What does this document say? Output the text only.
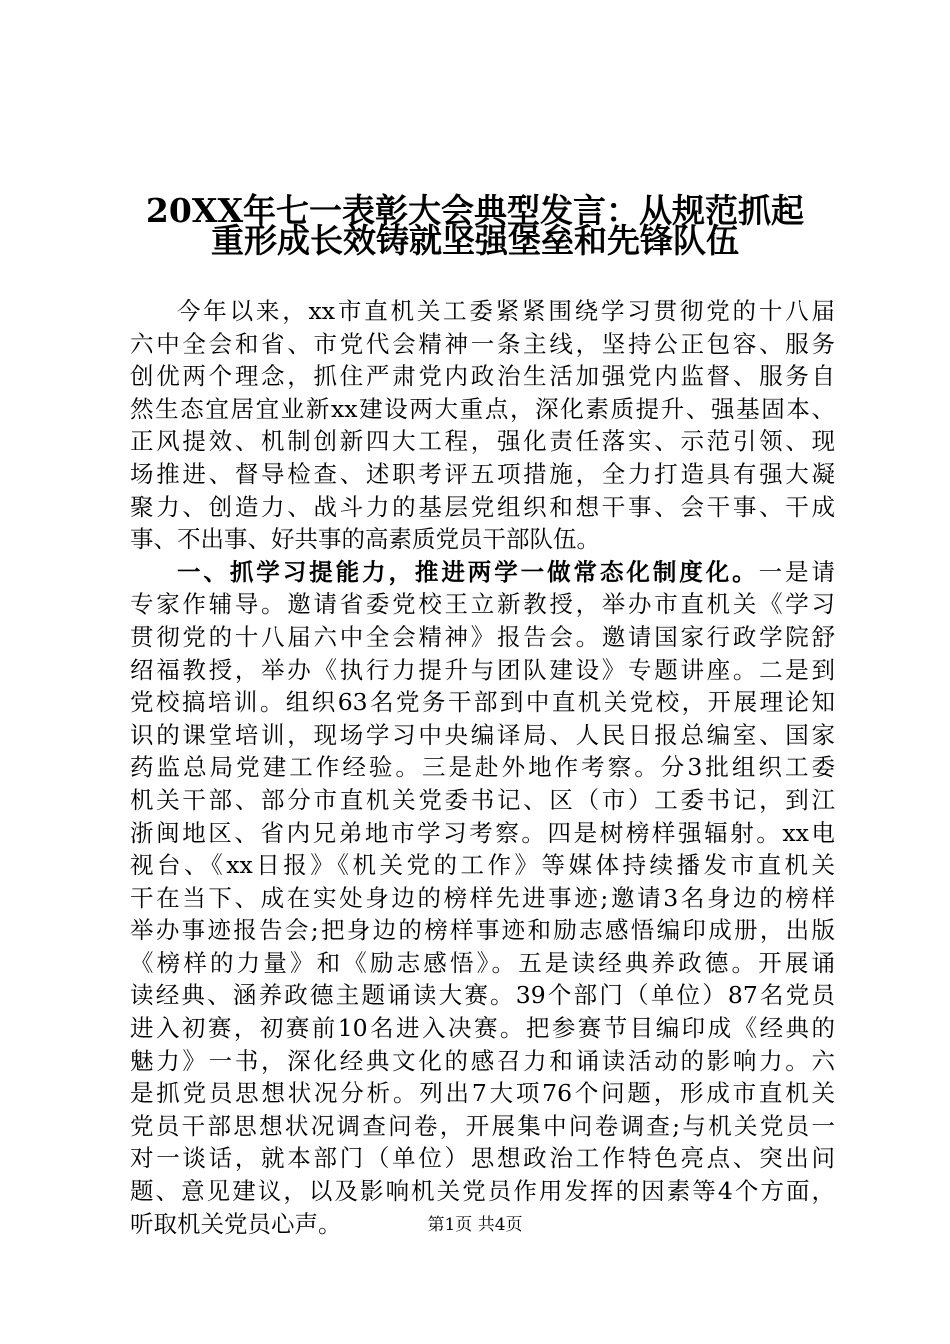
20XX年七一表彰大会典型发言：从规范抓起
重形成长效铸就坚强堡垒和先锋队伍
今年以来，xx市直机关工委紧紧围绕学习贯彻党的十八届
六中全会和省、市党代会精神一条主线，坚持公正包容、服务
创优两个理念，抓住严肃党内政治生活加强党内监督、服务自
然生态宜居宜业新xx建设两大重点，深化素质提升、强基固本、
正风提效、机制创新四大工程，强化责任落实、示范引领、现
场推进、督导检查、述职考评五项措施，全力打造具有强大凝
聚力、创造力、战斗力的基层党组织和想干事、会干事、干成
事、不出事、好共事的高素质党员干部队伍。
一、抓学习提能力，推进两学一做常态化制度化。一是请
专家作辅导。邀请省委党校王立新教授，举办市直机关《学习
贯彻党的十八届六中全会精神》报告会。邀请国家行政学院舒
绍福教授，举办《执行力提升与团队建设》专题讲座。二是到
党校搞培训。组织63名党务干部到中直机关党校，开展理论知
识的课堂培训，现场学习中央编译局、人民日报总编室、国家
药监总局党建工作经验。三是赴外地作考察。分3批组织工委
机关干部、部分市直机关党委书记、区（市）工委书记，到江
浙闽地区、省内兄弟地市学习考察。四是树榜样强辐射。xx电
视台、《xx日报》《机关党的工作》等媒体持续播发市直机关
干在当下、成在实处身边的榜样先进事迹;邀请3名身边的榜样
举办事迹报告会;把身边的榜样事迹和励志感悟编印成册，出版
《榜样的力量》和《励志感悟》。五是读经典养政德。开展诵
读经典、涵养政德主题诵读大赛。39个部门（单位）87名党员
进入初赛，初赛前10名进入决赛。把参赛节目编印成《经典的
魅力》一书，深化经典文化的感召力和诵读活动的影响力。六
是抓党员思想状况分析。列出7大项76个问题，形成市直机关
党员干部思想状况调查问卷，开展集中问卷调查;与机关党员一
对一谈话，就本部门（单位）思想政治工作特色亮点、突出问
题、意见建议，以及影响机关党员作用发挥的因素等4个方面，
听取机关党员心声。	第1页 共4页
